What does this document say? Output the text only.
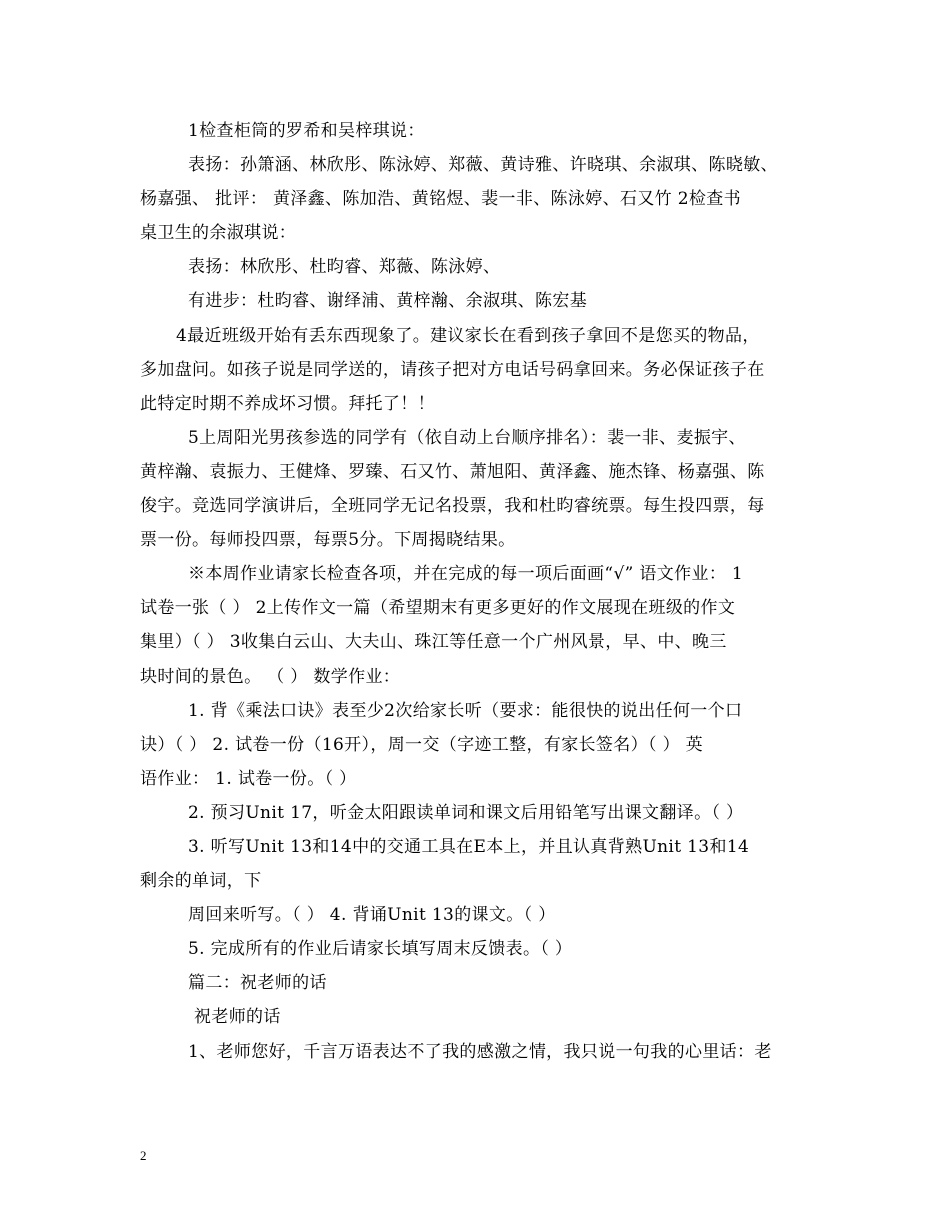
1检查柜筒的罗希和吴梓琪说：
表扬：孙箫涵、林欣彤、陈泳婷、郑薇、黄诗雅、许晓琪、余淑琪、陈晓敏、
杨嘉强、 批评： 黄泽鑫、陈加浩、黄铭煜、裴一非、陈泳婷、石又竹 2检查书
桌卫生的余淑琪说：
表扬：林欣彤、杜昀睿、郑薇、陈泳婷、
有进步：杜昀睿、谢绎浦、黄梓瀚、余淑琪、陈宏基
4最近班级开始有丢东西现象了。建议家长在看到孩子拿回不是您买的物品，
多加盘问。如孩子说是同学送的，请孩子把对方电话号码拿回来。务必保证孩子在
此特定时期不养成坏习惯。拜托了！！
5上周阳光男孩参选的同学有（依自动上台顺序排名）：裴一非、麦振宇、
黄梓瀚、袁振力、王健烽、罗臻、石又竹、萧旭阳、黄泽鑫、施杰锋、杨嘉强、陈
俊宇。竞选同学演讲后，全班同学无记名投票，我和杜昀睿统票。每生投四票，每
票一份。每师投四票，每票5分。下周揭晓结果。
※本周作业请家长检查各项，并在完成的每一项后面画“√” 语文作业： 1
试卷一张（ ） 2上传作文一篇（希望期末有更多更好的作文展现在班级的作文
集里）（ ） 3收集白云山、大夫山、珠江等任意一个广州风景，早、中、晚三
块时间的景色。 （ ） 数学作业：
1. 背《乘法口诀》表至少2次给家长听（要求：能很快的说出任何一个口
诀）（ ） 2. 试卷一份（16开），周一交（字迹工整，有家长签名）（ ） 英
语作业： 1. 试卷一份。（ ）
2. 预习Unit 17，听金太阳跟读单词和课文后用铅笔写出课文翻译。（ ）
3. 听写Unit 13和14中的交通工具在E本上，并且认真背熟Unit 13和14
剩余的单词，下
周回来听写。（ ） 4. 背诵Unit 13的课文。（ ）
5. 完成所有的作业后请家长填写周末反馈表。（ ）
篇二：祝老师的话
祝老师的话
1、老师您好，千言万语表达不了我的感激之情，我只说一句我的心里话：老
2
